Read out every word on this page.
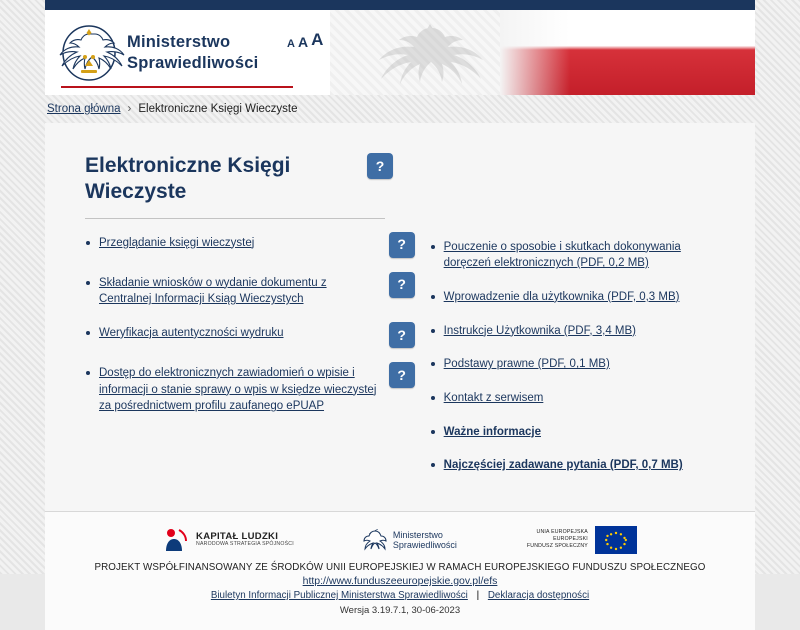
Ministerstwo
Sprawiedliwości
A A A
Strona główna › Elektroniczne Księgi Wieczyste
Elektroniczne Księgi Wieczyste
?
Przeglądanie księgi wieczystej	?
Składanie wniosków o wydanie dokumentu z Centralnej Informacji Ksiąg Wieczystych
?
Weryfikacja autentyczności wydruku	?
Dostęp do elektronicznych zawiadomień o wpisie i informacji o stanie sprawy o wpis w księdze wieczystej za pośrednictwem profilu zaufanego ePUAP
?
Pouczenie o sposobie i skutkach dokonywania doręczeń elektronicznych (PDF, 0,2 MB)
Wprowadzenie dla użytkownika (PDF, 0,3 MB)
Instrukcje Użytkownika (PDF, 3,4 MB)
Podstawy prawne (PDF, 0,1 MB)
Kontakt z serwisem
Ważne informacje
Najczęściej zadawane pytania (PDF, 0,7 MB)
KAPITAŁ LUDZKI
NARODOWA STRATEGIA SPÓJNOŚCI
Ministerstwo
Sprawiedliwości
UNIA EUROPEJSKA
EUROPEJSKI
FUNDUSZ SPOŁECZNY
PROJEKT WSPÓŁFINANSOWANY ZE ŚRODKÓW UNII EUROPEJSKIEJ W RAMACH EUROPEJSKIEGO FUNDUSZU SPOŁECZNEGO
http://www.funduszeeuropejskie.gov.pl/efs
Biuletyn Informacji Publicznej Ministerstwa Sprawiedliwości | Deklaracja dostępności
Wersja 3.19.7.1, 30-06-2023
